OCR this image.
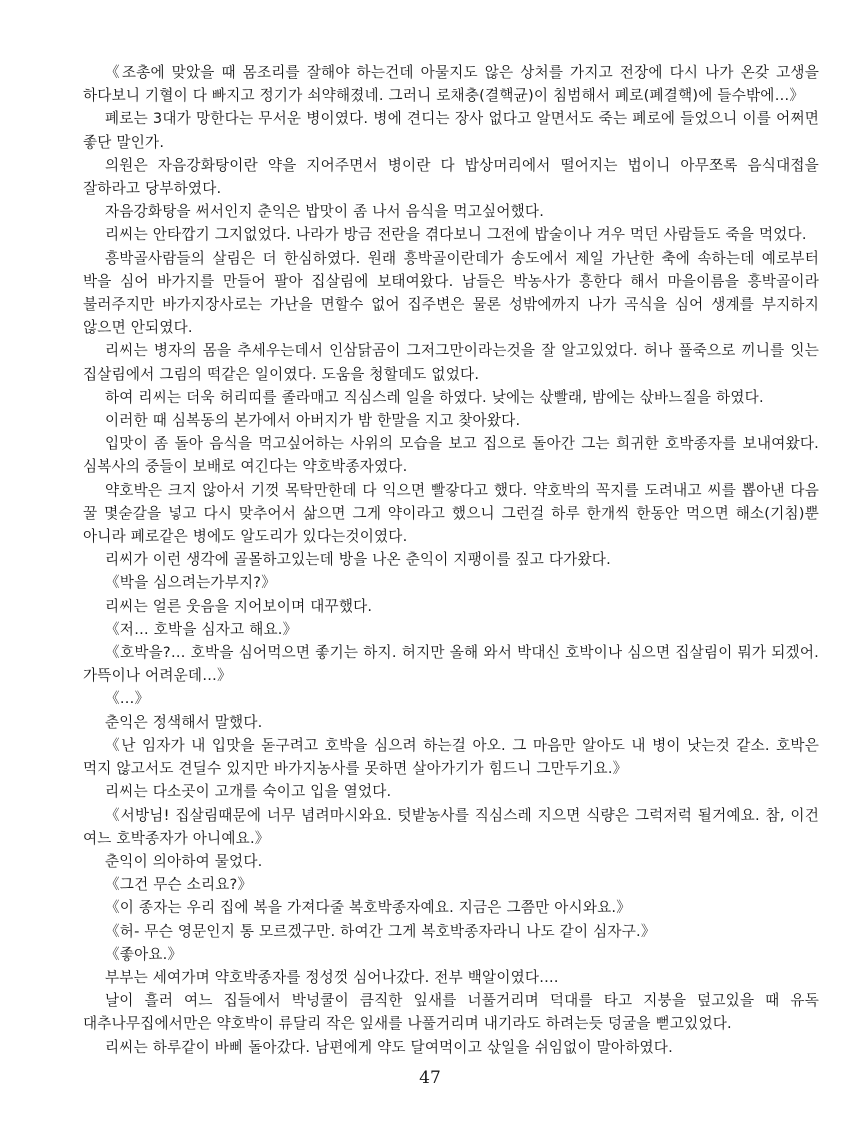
《조총에 맞았을 때 몸조리를 잘해야 하는건데 아물지도 않은 상처를 가지고 전장에 다시 나가 온갖 고생을 하다보니 기혈이 다 빠지고 정기가 쇠약해졌네. 그러니 로채충(결핵균)이 침범해서 폐로(폐결핵)에 들수밖에…》

폐로는 3대가 망한다는 무서운 병이였다. 병에 견디는 장사 없다고 알면서도 죽는 폐로에 들었으니 이를 어쩌면 좋단 말인가.

의원은 자음강화탕이란 약을 지어주면서 병이란 다 밥상머리에서 떨어지는 법이니 아무쪼록 음식대접을 잘하라고 당부하였다.

자음강화탕을 써서인지 춘익은 밥맛이 좀 나서 음식을 먹고싶어했다.

리씨는 안타깝기 그지없었다. 나라가 방금 전란을 겪다보니 그전에 밥술이나 겨우 먹던 사람들도 죽을 먹었다.

흥박골사람들의 살림은 더 한심하였다. 원래 흥박골이란데가 송도에서 제일 가난한 축에 속하는데 예로부터 박을 심어 바가지를 만들어 팔아 집살림에 보태여왔다. 남들은 박농사가 흥한다 해서 마을이름을 흥박골이라 불러주지만 바가지장사로는 가난을 면할수 없어 집주변은 물론 성밖에까지 나가 곡식을 심어 생계를 부지하지 않으면 안되였다.

리씨는 병자의 몸을 추세우는데서 인삼닭곰이 그저그만이라는것을 잘 알고있었다. 허나 풀죽으로 끼니를 잇는 집살림에서 그림의 떡같은 일이였다. 도움을 청할데도 없었다.

하여 리씨는 더욱 허리띠를 졸라매고 직심스레 일을 하였다. 낮에는 삯빨래, 밤에는 삯바느질을 하였다.

이러한 때 심복동의 본가에서 아버지가 밤 한말을 지고 찾아왔다.

입맛이 좀 돌아 음식을 먹고싶어하는 사위의 모습을 보고 집으로 돌아간 그는 희귀한 호박종자를 보내여왔다. 심복사의 중들이 보배로 여긴다는 약호박종자였다.

약호박은 크지 않아서 기껏 목탁만한데 다 익으면 빨갛다고 했다. 약호박의 꼭지를 도려내고 씨를 뽑아낸 다음 꿀 몇숟갈을 넣고 다시 맞추어서 삶으면 그게 약이라고 했으니 그런걸 하루 한개씩 한동안 먹으면 해소(기침)뿐 아니라 폐로같은 병에도 알도리가 있다는것이였다.

리씨가 이런 생각에 골몰하고있는데 방을 나온 춘익이 지팽이를 짚고 다가왔다.

《박을 심으려는가부지?》

리씨는 얼른 웃음을 지어보이며 대꾸했다.

《저… 호박을 심자고 해요.》

《호박을?… 호박을 심어먹으면 좋기는 하지. 허지만 올해 와서 박대신 호박이나 심으면 집살림이 뭐가 되겠어. 가뜩이나 어려운데…》

《…》

춘익은 정색해서 말했다.

《난 임자가 내 입맛을 돋구려고 호박을 심으려 하는걸 아오. 그 마음만 알아도 내 병이 낫는것 같소. 호박은 먹지 않고서도 견딜수 있지만 바가지농사를 못하면 살아가기가 힘드니 그만두기요.》

리씨는 다소곳이 고개를 숙이고 입을 열었다.

《서방님! 집살림때문에 너무 념려마시와요. 텃밭농사를 직심스레 지으면 식량은 그럭저럭 될거예요. 참, 이건 여느 호박종자가 아니예요.》

춘익이 의아하여 물었다.

《그건 무슨 소리요?》

《이 종자는 우리 집에 복을 가져다줄 복호박종자예요. 지금은 그쯤만 아시와요.》

《허- 무슨 영문인지 통 모르겠구만. 하여간 그게 복호박종자라니 나도 같이 심자구.》

《좋아요.》

부부는 세여가며 약호박종자를 정성껏 심어나갔다. 전부 백알이였다.…

날이 흘러 여느 집들에서 박넝쿨이 큼직한 잎새를 너풀거리며 덕대를 타고 지붕을 덮고있을 때 유독 대추나무집에서만은 약호박이 류달리 작은 잎새를 나풀거리며 내기라도 하려는듯 덩굴을 뻗고있었다.

리씨는 하루같이 바삐 돌아갔다. 남편에게 약도 달여먹이고 삯일을 쉬임없이 말아하였다.

47
